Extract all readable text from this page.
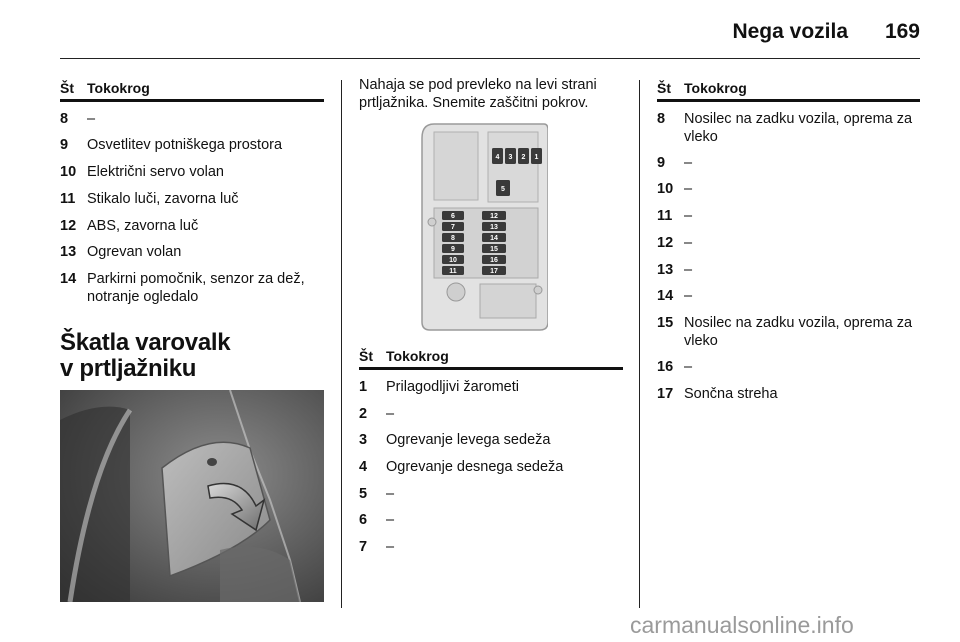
Nega vozila 169
Št Tokokrog
8 –
9 Osvetlitev potniškega prostora
10 Električni servo volan
11 Stikalo luči, zavorna luč
12 ABS, zavorna luč
13 Ogrevan volan
14 Parkirni pomočnik, senzor za dež, notranje ogledalo
Škatla varovalk
v prtljažniku
Nahaja se pod prevleko na levi strani prtljažnika. Snemite zaščitni pokrov.
4 3 2 1
5
6
7
8
9
10
11
12
13
14
15
16
17
Št Tokokrog
1 Prilagodljivi žarometi
2 –
3 Ogrevanje levega sedeža
4 Ogrevanje desnega sedeža
5 –
6 –
7 –
Št Tokokrog
8 Nosilec na zadku vozila, oprema za vleko
9 –
10 –
11 –
12 –
13 –
14 –
15 Nosilec na zadku vozila, oprema za vleko
16 –
17 Sončna streha
carmanualsonline.info
